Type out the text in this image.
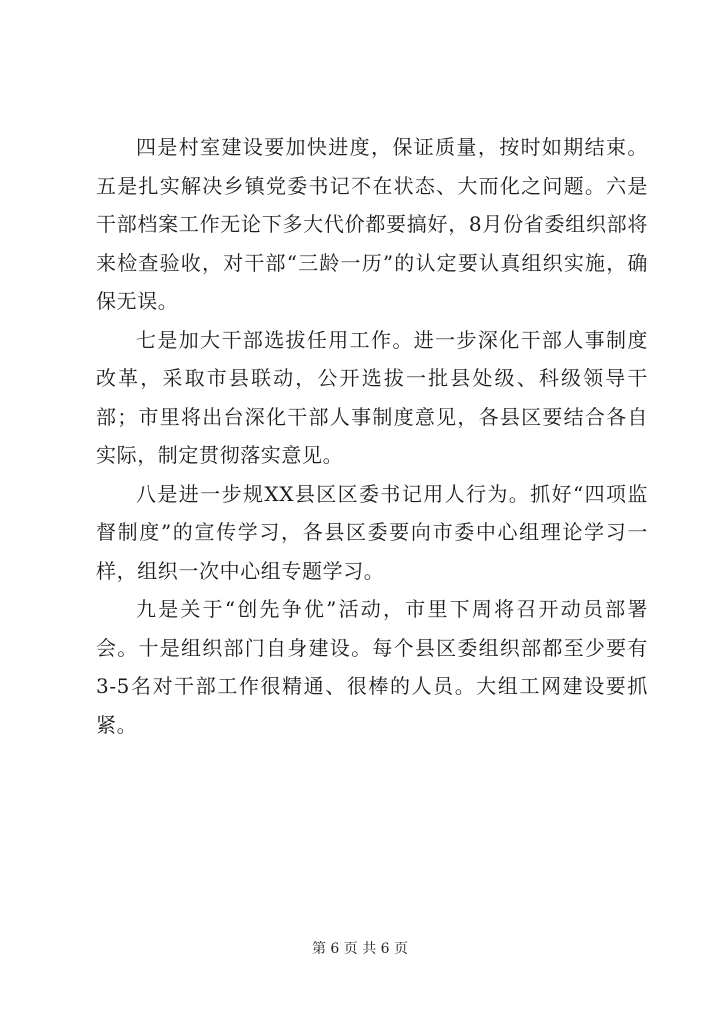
四是村室建设要加快进度，保证质量，按时如期结束。五是扎实解决乡镇党委书记不在状态、大而化之问题。六是干部档案工作无论下多大代价都要搞好，8月份省委组织部将来检查验收，对干部“三龄一历”的认定要认真组织实施，确保无误。

七是加大干部选拔任用工作。进一步深化干部人事制度改革，采取市县联动，公开选拔一批县处级、科级领导干部；市里将出台深化干部人事制度意见，各县区要结合各自实际，制定贯彻落实意见。

八是进一步规XX县区区委书记用人行为。抓好“四项监督制度”的宣传学习，各县区委要向市委中心组理论学习一样，组织一次中心组专题学习。

九是关于“创先争优”活动，市里下周将召开动员部署会。十是组织部门自身建设。每个县区委组织部都至少要有3-5名对干部工作很精通、很棒的人员。大组工网建设要抓紧。

第 6 页 共 6 页
